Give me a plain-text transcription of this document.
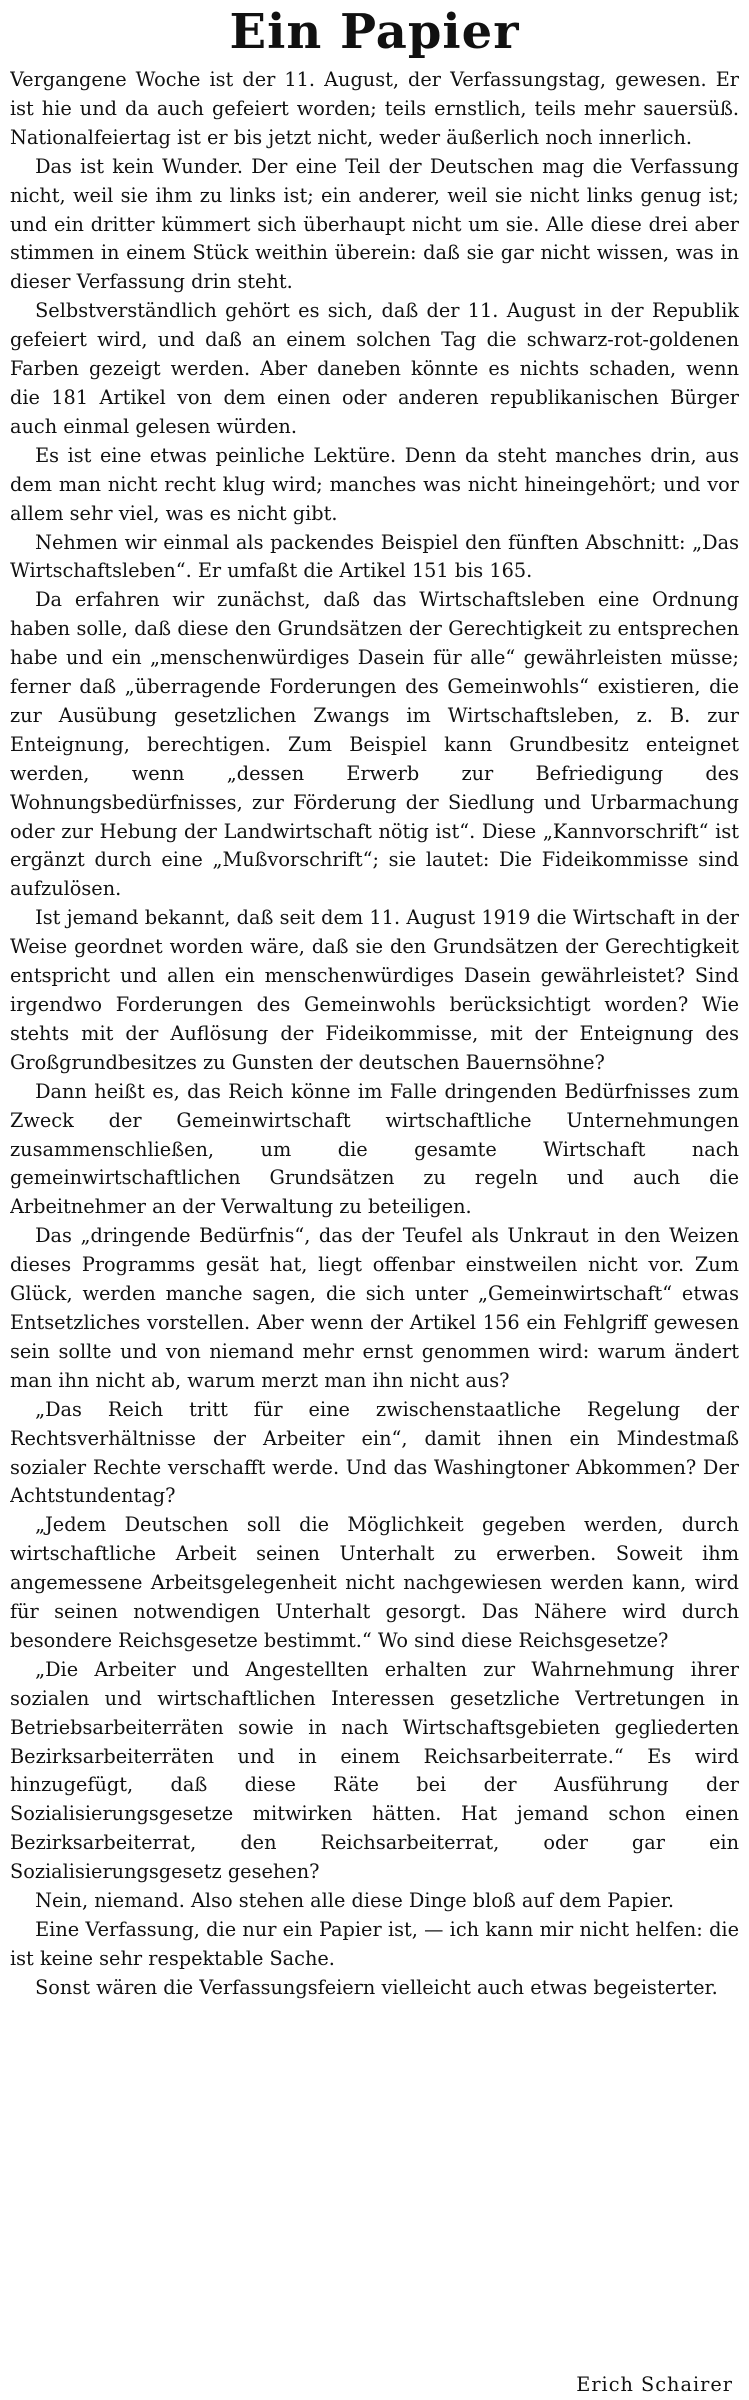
Ein Papier

Vergangene Woche ist der 11. August, der Verfassungstag, gewesen. Er ist hie und da auch gefeiert worden; teils ernstlich, teils mehr sauersüß. Nationalfeiertag ist er bis jetzt nicht, weder äußerlich noch innerlich.

Das ist kein Wunder. Der eine Teil der Deutschen mag die Verfassung nicht, weil sie ihm zu links ist; ein anderer, weil sie nicht links genug ist; und ein dritter kümmert sich überhaupt nicht um sie. Alle diese drei aber stimmen in einem Stück weithin überein: daß sie gar nicht wissen, was in dieser Verfassung drin steht.

Selbstverständlich gehört es sich, daß der 11. August in der Republik gefeiert wird, und daß an einem solchen Tag die schwarz-rot-goldenen Farben gezeigt werden. Aber daneben könnte es nichts schaden, wenn die 181 Artikel von dem einen oder anderen republikanischen Bürger auch einmal gelesen würden.

Es ist eine etwas peinliche Lektüre. Denn da steht manches drin, aus dem man nicht recht klug wird; manches was nicht hineingehört; und vor allem sehr viel, was es nicht gibt.

Nehmen wir einmal als packendes Beispiel den fünften Abschnitt: „Das Wirtschaftsleben“. Er umfaßt die Artikel 151 bis 165.

Da erfahren wir zunächst, daß das Wirtschaftsleben eine Ordnung haben solle, daß diese den Grundsätzen der Gerechtigkeit zu entsprechen habe und ein „menschenwürdiges Dasein für alle“ gewährleisten müsse; ferner daß „überragende Forderungen des Gemeinwohls“ existieren, die zur Ausübung gesetzlichen Zwangs im Wirtschaftsleben, z. B. zur Enteignung, berechtigen. Zum Beispiel kann Grundbesitz enteignet werden, wenn „dessen Erwerb zur Befriedigung des Wohnungsbedürfnisses, zur Förderung der Siedlung und Urbarmachung oder zur Hebung der Landwirtschaft nötig ist“. Diese „Kannvorschrift“ ist ergänzt durch eine „Mußvorschrift“; sie lautet: Die Fideikommisse sind aufzulösen.

Ist jemand bekannt, daß seit dem 11. August 1919 die Wirtschaft in der Weise geordnet worden wäre, daß sie den Grundsätzen der Gerechtigkeit entspricht und allen ein menschenwürdiges Dasein gewährleistet? Sind irgendwo Forderungen des Gemeinwohls berücksichtigt worden? Wie stehts mit der Auflösung der Fideikommisse, mit der Enteignung des Großgrundbesitzes zu Gunsten der deutschen Bauernsöhne?

Dann heißt es, das Reich könne im Falle dringenden Bedürfnisses zum Zweck der Gemeinwirtschaft wirtschaftliche Unternehmungen zusammenschließen, um die gesamte Wirtschaft nach gemeinwirtschaftlichen Grundsätzen zu regeln und auch die Arbeitnehmer an der Verwaltung zu beteiligen.

Das „dringende Bedürfnis“, das der Teufel als Unkraut in den Weizen dieses Programms gesät hat, liegt offenbar einstweilen nicht vor. Zum Glück, werden manche sagen, die sich unter „Gemeinwirtschaft“ etwas Entsetzliches vorstellen. Aber wenn der Artikel 156 ein Fehlgriff gewesen sein sollte und von niemand mehr ernst genommen wird: warum ändert man ihn nicht ab, warum merzt man ihn nicht aus?

„Das Reich tritt für eine zwischenstaatliche Regelung der Rechtsverhältnisse der Arbeiter ein“, damit ihnen ein Mindestmaß sozialer Rechte verschafft werde. Und das Washingtoner Abkommen? Der Achtstundentag?

„Jedem Deutschen soll die Möglichkeit gegeben werden, durch wirtschaftliche Arbeit seinen Unterhalt zu erwerben. Soweit ihm angemessene Arbeitsgelegenheit nicht nachgewiesen werden kann, wird für seinen notwendigen Unterhalt gesorgt. Das Nähere wird durch besondere Reichsgesetze bestimmt.“ Wo sind diese Reichsgesetze?

„Die Arbeiter und Angestellten erhalten zur Wahrnehmung ihrer sozialen und wirtschaftlichen Interessen gesetzliche Vertretungen in Betriebsarbeiterräten sowie in nach Wirtschaftsgebieten gegliederten Bezirksarbeiterräten und in einem Reichsarbeiterrate.“ Es wird hinzugefügt, daß diese Räte bei der Ausführung der Sozialisierungsgesetze mitwirken hätten. Hat jemand schon einen Bezirksarbeiterrat, den Reichsarbeiterrat, oder gar ein Sozialisierungsgesetz gesehen?

Nein, niemand. Also stehen alle diese Dinge bloß auf dem Papier.

Eine Verfassung, die nur ein Papier ist, — ich kann mir nicht helfen: die ist keine sehr respektable Sache.

Sonst wären die Verfassungsfeiern vielleicht auch etwas begeisterter.

Erich Schairer
